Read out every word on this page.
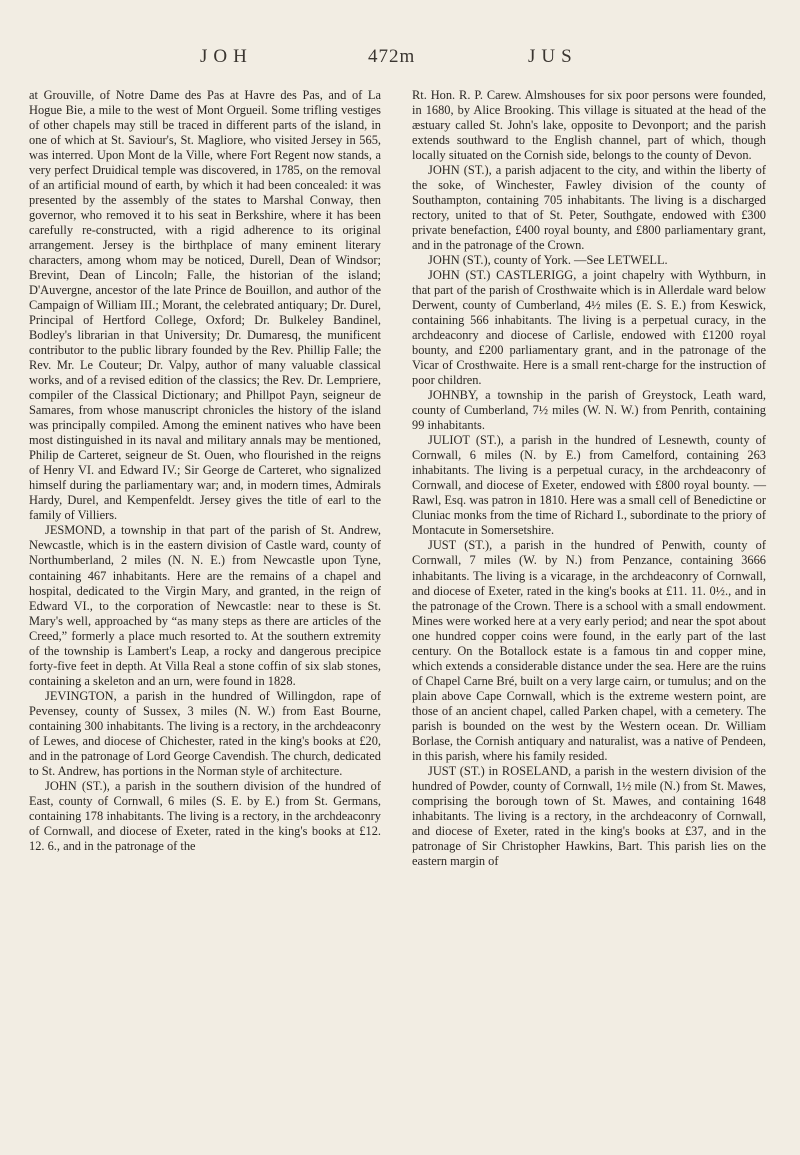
JOH	472m	JUS

at Grouville, of Notre Dame des Pas at Havre des Pas, and of La Hogue Bie, a mile to the west of Mont Orgueil. Some trifling vestiges of other chapels may still be traced in different parts of the island, in one of which at St. Saviour's, St. Magliore, who visited Jersey in 565, was interred. Upon Mont de la Ville, where Fort Regent now stands, a very perfect Druidical temple was discovered, in 1785, on the removal of an artificial mound of earth, by which it had been concealed: it was presented by the assembly of the states to Marshal Conway, then governor, who removed it to his seat in Berkshire, where it has been carefully re-constructed, with a rigid adherence to its original arrangement. Jersey is the birthplace of many eminent literary characters, among whom may be noticed, Durell, Dean of Windsor; Brevint, Dean of Lincoln; Falle, the historian of the island; D'Auvergne, ancestor of the late Prince de Bouillon, and author of the Campaign of William III.; Morant, the celebrated antiquary; Dr. Durel, Principal of Hertford College, Oxford; Dr. Bulkeley Bandinel, Bodley's librarian in that University; Dr. Dumaresq, the munificent contributor to the public library founded by the Rev. Phillip Falle; the Rev. Mr. Le Couteur; Dr. Valpy, author of many valuable classical works, and of a revised edition of the classics; the Rev. Dr. Lempriere, compiler of the Classical Dictionary; and Phillpot Payn, seigneur de Samares, from whose manuscript chronicles the history of the island was principally compiled. Among the eminent natives who have been most distinguished in its naval and military annals may be mentioned, Philip de Carteret, seigneur de St. Ouen, who flourished in the reigns of Henry VI. and Edward IV.; Sir George de Carteret, who signalized himself during the parliamentary war; and, in modern times, Admirals Hardy, Durel, and Kempenfeldt. Jersey gives the title of earl to the family of Villiers.

JESMOND, a township in that part of the parish of St. Andrew, Newcastle, which is in the eastern division of Castle ward, county of Northumberland, 2 miles (N. N. E.) from Newcastle upon Tyne, containing 467 inhabitants. Here are the remains of a chapel and hospital, dedicated to the Virgin Mary, and granted, in the reign of Edward VI., to the corporation of Newcastle: near to these is St. Mary's well, approached by “as many steps as there are articles of the Creed,” formerly a place much resorted to. At the southern extremity of the township is Lambert's Leap, a rocky and dangerous precipice forty-five feet in depth. At Villa Real a stone coffin of six slab stones, containing a skeleton and an urn, were found in 1828.

JEVINGTON, a parish in the hundred of Willingdon, rape of Pevensey, county of Sussex, 3 miles (N. W.) from East Bourne, containing 300 inhabitants. The living is a rectory, in the archdeaconry of Lewes, and diocese of Chichester, rated in the king's books at £20, and in the patronage of Lord George Cavendish. The church, dedicated to St. Andrew, has portions in the Norman style of architecture.

JOHN (ST.), a parish in the southern division of the hundred of East, county of Cornwall, 6 miles (S. E. by E.) from St. Germans, containing 178 inhabitants. The living is a rectory, in the archdeaconry of Cornwall, and diocese of Exeter, rated in the king's books at £12. 12. 6., and in the patronage of the

Rt. Hon. R. P. Carew. Almshouses for six poor persons were founded, in 1680, by Alice Brooking. This village is situated at the head of the æstuary called St. John's lake, opposite to Devonport; and the parish extends southward to the English channel, part of which, though locally situated on the Cornish side, belongs to the county of Devon.

JOHN (ST.), a parish adjacent to the city, and within the liberty of the soke, of Winchester, Fawley division of the county of Southampton, containing 705 inhabitants. The living is a discharged rectory, united to that of St. Peter, Southgate, endowed with £300 private benefaction, £400 royal bounty, and £800 parliamentary grant, and in the patronage of the Crown.

JOHN (ST.), county of York. —See LETWELL.

JOHN (ST.) CASTLERIGG, a joint chapelry with Wythburn, in that part of the parish of Crosthwaite which is in Allerdale ward below Derwent, county of Cumberland, 4½ miles (E. S. E.) from Keswick, containing 566 inhabitants. The living is a perpetual curacy, in the archdeaconry and diocese of Carlisle, endowed with £1200 royal bounty, and £200 parliamentary grant, and in the patronage of the Vicar of Crosthwaite. Here is a small rent-charge for the instruction of poor children.

JOHNBY, a township in the parish of Greystock, Leath ward, county of Cumberland, 7½ miles (W. N. W.) from Penrith, containing 99 inhabitants.

JULIOT (ST.), a parish in the hundred of Lesnewth, county of Cornwall, 6 miles (N. by E.) from Camelford, containing 263 inhabitants. The living is a perpetual curacy, in the archdeaconry of Cornwall, and diocese of Exeter, endowed with £800 royal bounty. —Rawl, Esq. was patron in 1810. Here was a small cell of Benedictine or Cluniac monks from the time of Richard I., subordinate to the priory of Montacute in Somersetshire.

JUST (ST.), a parish in the hundred of Penwith, county of Cornwall, 7 miles (W. by N.) from Penzance, containing 3666 inhabitants. The living is a vicarage, in the archdeaconry of Cornwall, and diocese of Exeter, rated in the king's books at £11. 11. 0½., and in the patronage of the Crown. There is a school with a small endowment. Mines were worked here at a very early period; and near the spot about one hundred copper coins were found, in the early part of the last century. On the Botallock estate is a famous tin and copper mine, which extends a considerable distance under the sea. Here are the ruins of Chapel Carne Bré, built on a very large cairn, or tumulus; and on the plain above Cape Cornwall, which is the extreme western point, are those of an ancient chapel, called Parken chapel, with a cemetery. The parish is bounded on the west by the Western ocean. Dr. William Borlase, the Cornish antiquary and naturalist, was a native of Pendeen, in this parish, where his family resided.

JUST (ST.) in ROSELAND, a parish in the western division of the hundred of Powder, county of Cornwall, 1½ mile (N.) from St. Mawes, comprising the borough town of St. Mawes, and containing 1648 inhabitants. The living is a rectory, in the archdeaconry of Cornwall, and diocese of Exeter, rated in the king's books at £37, and in the patronage of Sir Christopher Hawkins, Bart. This parish lies on the eastern margin of
